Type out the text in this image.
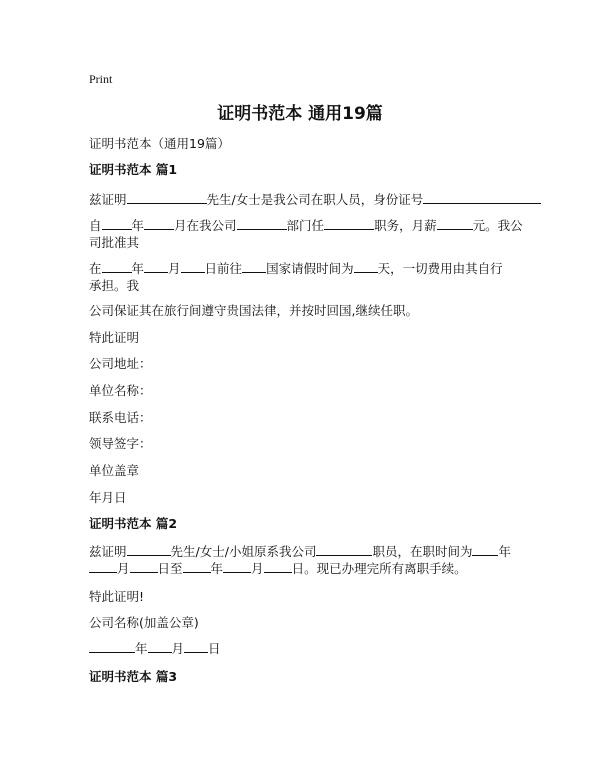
Print
证明书范本 通用19篇
证明书范本（通用19篇）
证明书范本 篇1
兹证明	先生/女士是我公司在职人员，身份证号
自 年 月在我公司	部门任	职务，月薪	元。我公
司批准其
在 年 月 日前往 国家请假时间为 天，一切费用由其自行
承担。我
公司保证其在旅行间遵守贵国法律，并按时回国,继续任职。
特此证明
公司地址：
单位名称：
联系电话：
领导签字：
单位盖章
年月日
证明书范本 篇2
兹证明	先生/女士/小姐原系我公司	职员，在职时间为 年
月 日至 年 月 日。现已办理完所有离职手续。
特此证明!
公司名称(加盖公章)
年 月 日
证明书范本 篇3
